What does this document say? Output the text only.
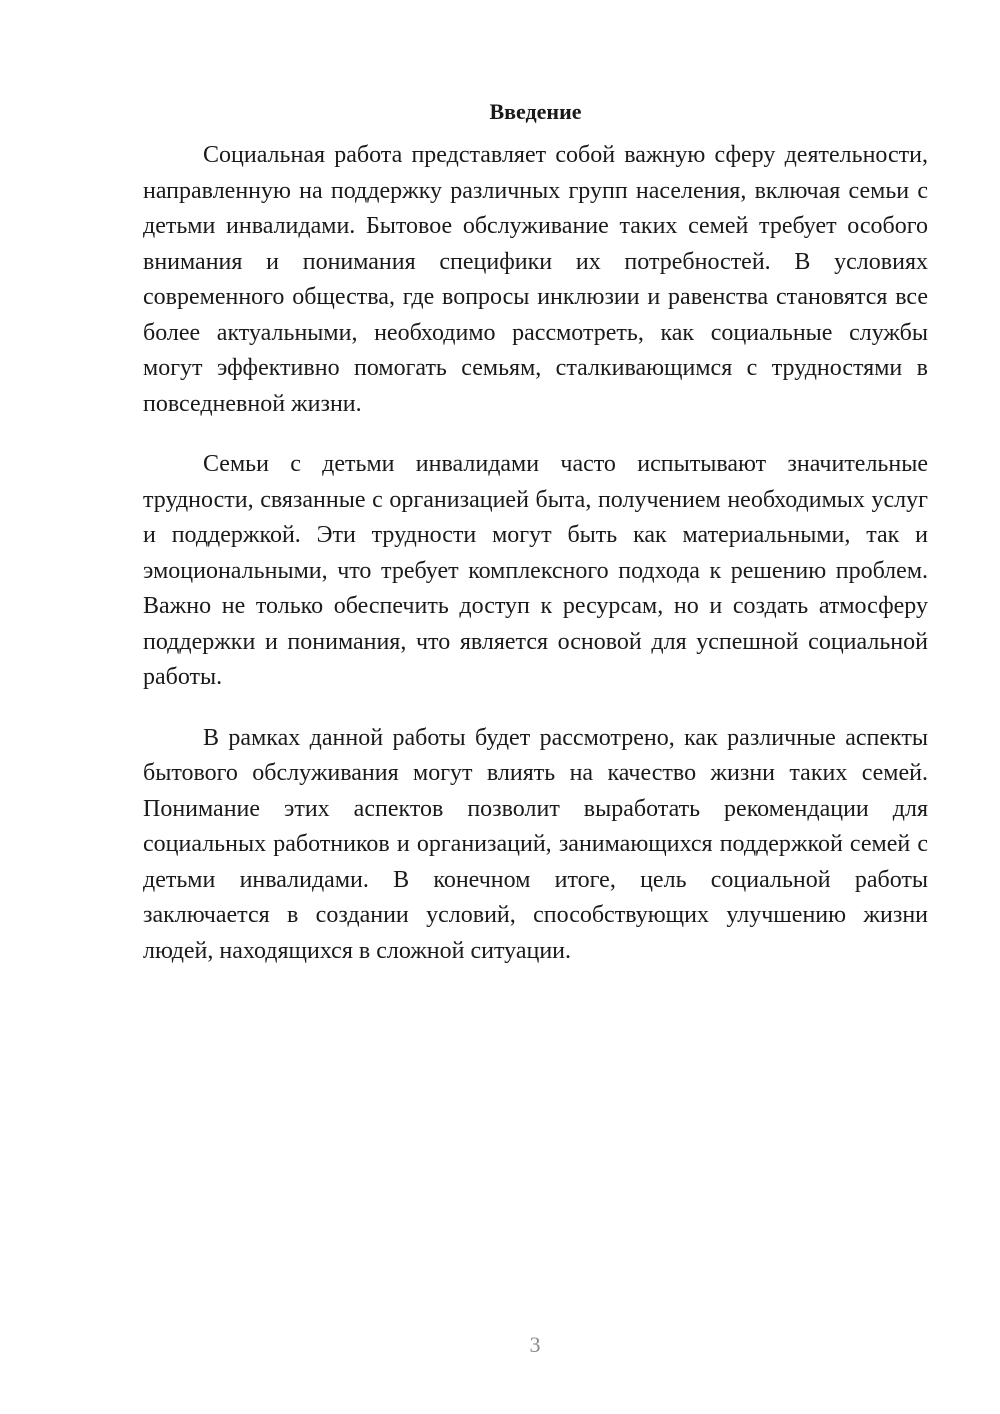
Введение

Социальная работа представляет собой важную сферу деятельности, направленную на поддержку различных групп населения, включая семьи с детьми инвалидами. Бытовое обслуживание таких семей требует особого внимания и понимания специфики их потребностей. В условиях современного общества, где вопросы инклюзии и равенства становятся все более актуальными, необходимо рассмотреть, как социальные службы могут эффективно помогать семьям, сталкивающимся с трудностями в повседневной жизни.

Семьи с детьми инвалидами часто испытывают значительные трудности, связанные с организацией быта, получением необходимых услуг и поддержкой. Эти трудности могут быть как материальными, так и эмоциональными, что требует комплексного подхода к решению проблем. Важно не только обеспечить доступ к ресурсам, но и создать атмосферу поддержки и понимания, что является основой для успешной социальной работы.

В рамках данной работы будет рассмотрено, как различные аспекты бытового обслуживания могут влиять на качество жизни таких семей. Понимание этих аспектов позволит выработать рекомендации для социальных работников и организаций, занимающихся поддержкой семей с детьми инвалидами. В конечном итоге, цель социальной работы заключается в создании условий, способствующих улучшению жизни людей, находящихся в сложной ситуации.

3
